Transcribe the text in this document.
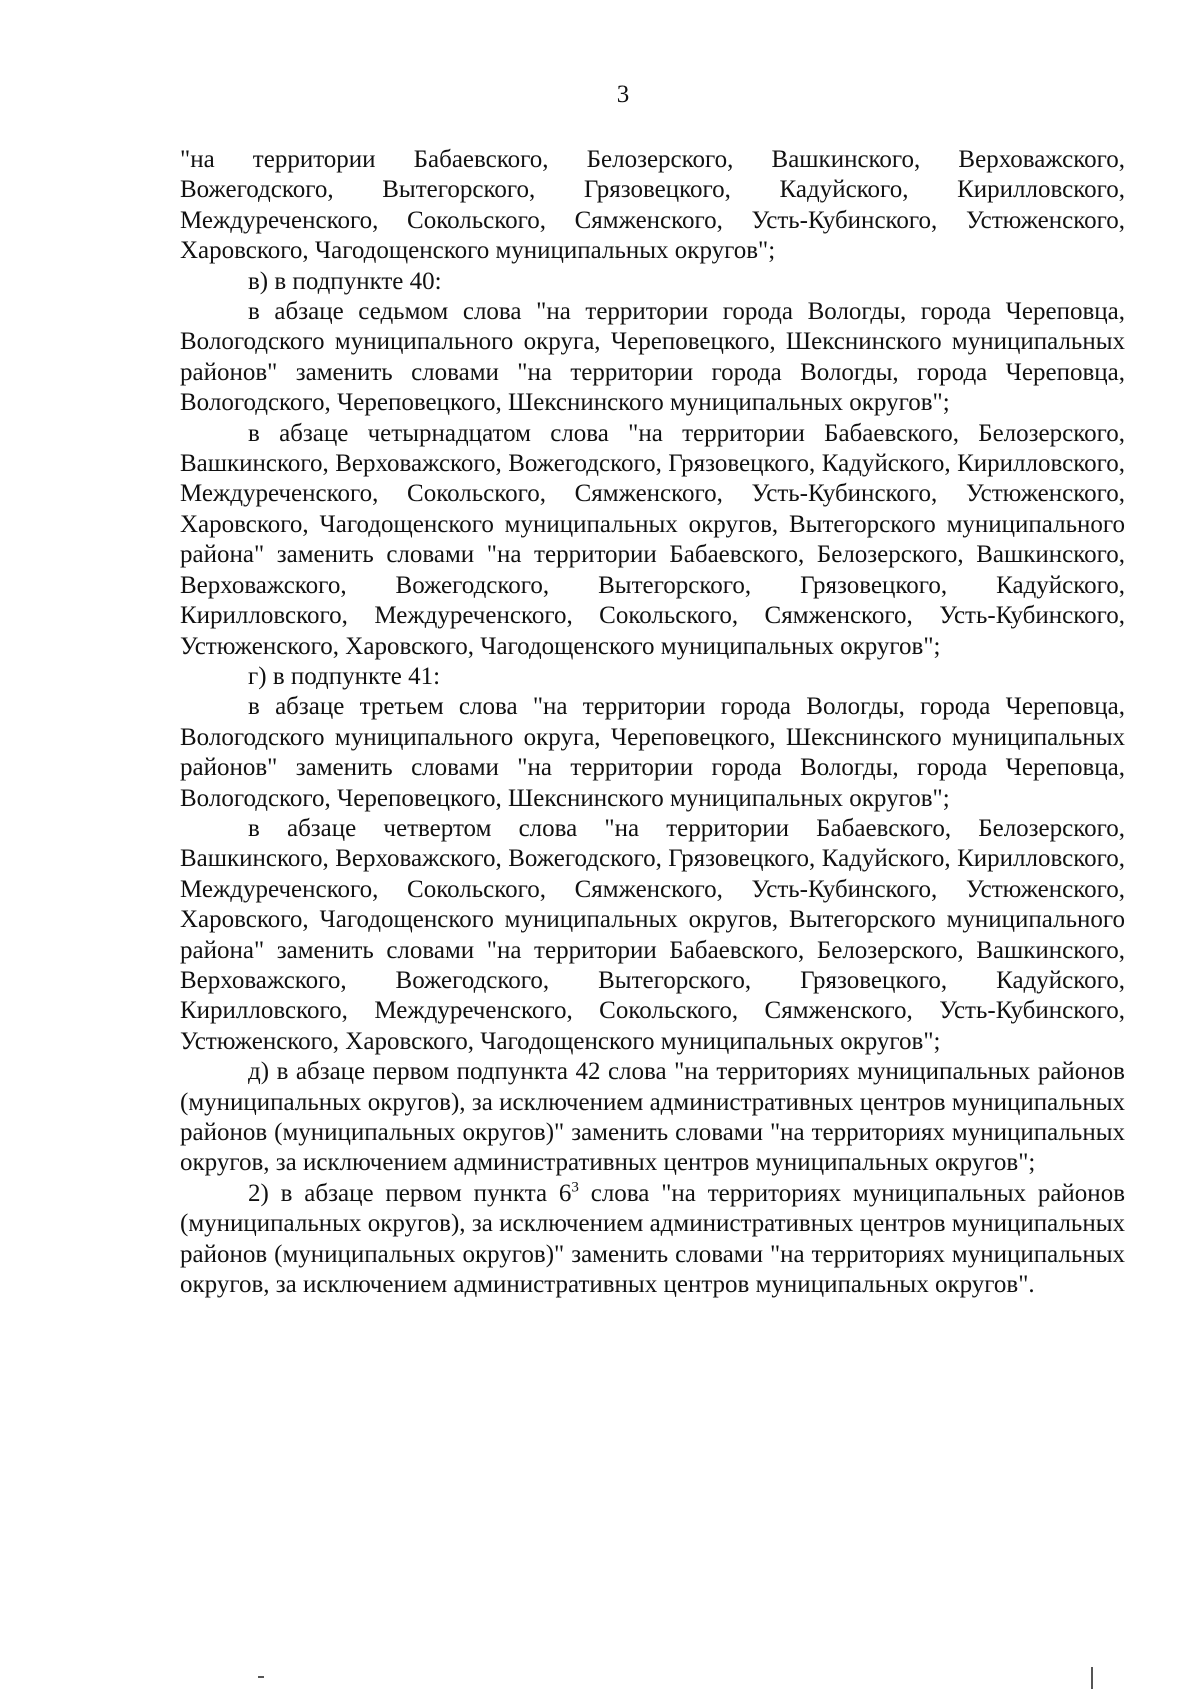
3

"на территории Бабаевского, Белозерского, Вашкинского, Верховажского, Вожегодского, Вытегорского, Грязовецкого, Кадуйского, Кирилловского, Междуреченского, Сокольского, Сямженского, Усть-Кубинского, Устюженского, Харовского, Чагодощенского муниципальных округов";

в) в подпункте 40:

в абзаце седьмом слова "на территории города Вологды, города Череповца, Вологодского муниципального округа, Череповецкого, Шекснинского муниципальных районов" заменить словами "на территории города Вологды, города Череповца, Вологодского, Череповецкого, Шекснинского муниципальных округов";

в абзаце четырнадцатом слова "на территории Бабаевского, Белозерского, Вашкинского, Верховажского, Вожегодского, Грязовецкого, Кадуйского, Кирилловского, Междуреченского, Сокольского, Сямженского, Усть-Кубинского, Устюженского, Харовского, Чагодощенского муниципальных округов, Вытегорского муниципального района" заменить словами "на территории Бабаевского, Белозерского, Вашкинского, Верховажского, Вожегодского, Вытегорского, Грязовецкого, Кадуйского, Кирилловского, Междуреченского, Сокольского, Сямженского, Усть-Кубинского, Устюженского, Харовского, Чагодощенского муниципальных округов";

г) в подпункте 41:

в абзаце третьем слова "на территории города Вологды, города Череповца, Вологодского муниципального округа, Череповецкого, Шекснинского муниципальных районов" заменить словами "на территории города Вологды, города Череповца, Вологодского, Череповецкого, Шекснинского муниципальных округов";

в абзаце четвертом слова "на территории Бабаевского, Белозерского, Вашкинского, Верховажского, Вожегодского, Грязовецкого, Кадуйского, Кирилловского, Междуреченского, Сокольского, Сямженского, Усть-Кубинского, Устюженского, Харовского, Чагодощенского муниципальных округов, Вытегорского муниципального района" заменить словами "на территории Бабаевского, Белозерского, Вашкинского, Верховажского, Вожегодского, Вытегорского, Грязовецкого, Кадуйского, Кирилловского, Междуреченского, Сокольского, Сямженского, Усть-Кубинского, Устюженского, Харовского, Чагодощенского муниципальных округов";

д) в абзаце первом подпункта 42 слова "на территориях муниципальных районов (муниципальных округов), за исключением административных центров муниципальных районов (муниципальных округов)" заменить словами "на территориях муниципальных округов, за исключением административных центров муниципальных округов";

2) в абзаце первом пункта $6^3$ слова "на территориях муниципальных районов (муниципальных округов), за исключением административных центров муниципальных районов (муниципальных округов)" заменить словами "на территориях муниципальных округов, за исключением административных центров муниципальных округов".
